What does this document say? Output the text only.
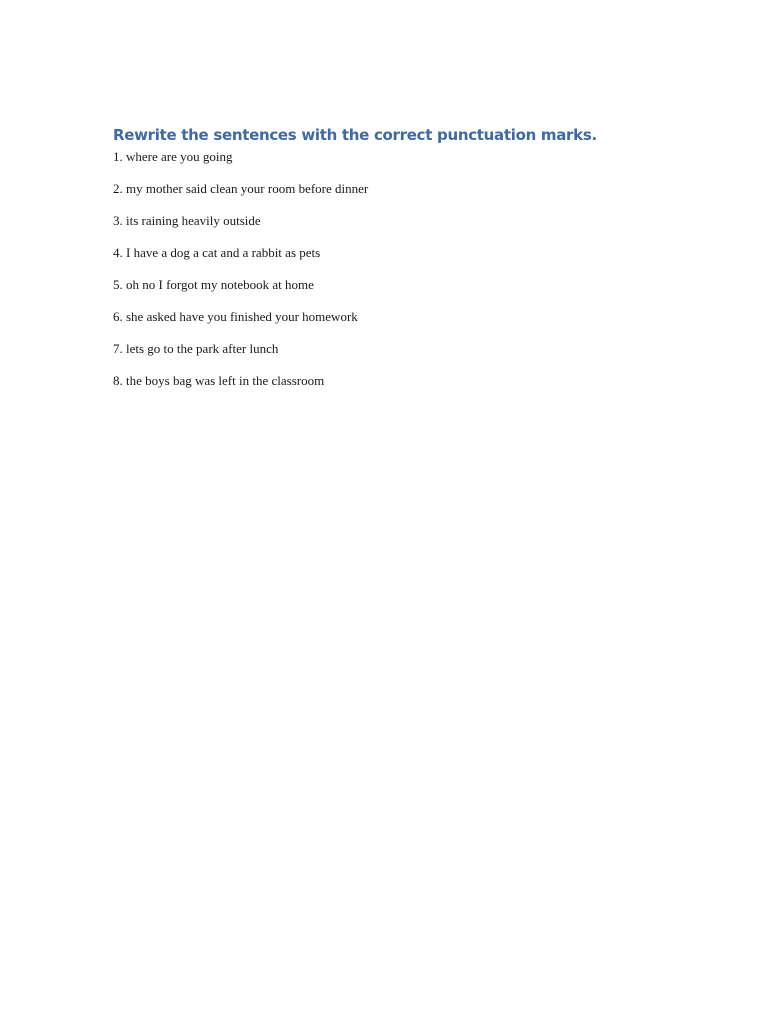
Rewrite the sentences with the correct punctuation marks.
1. where are you going
2. my mother said clean your room before dinner
3. its raining heavily outside
4. I have a dog a cat and a rabbit as pets
5. oh no I forgot my notebook at home
6. she asked have you finished your homework
7. lets go to the park after lunch
8. the boys bag was left in the classroom
